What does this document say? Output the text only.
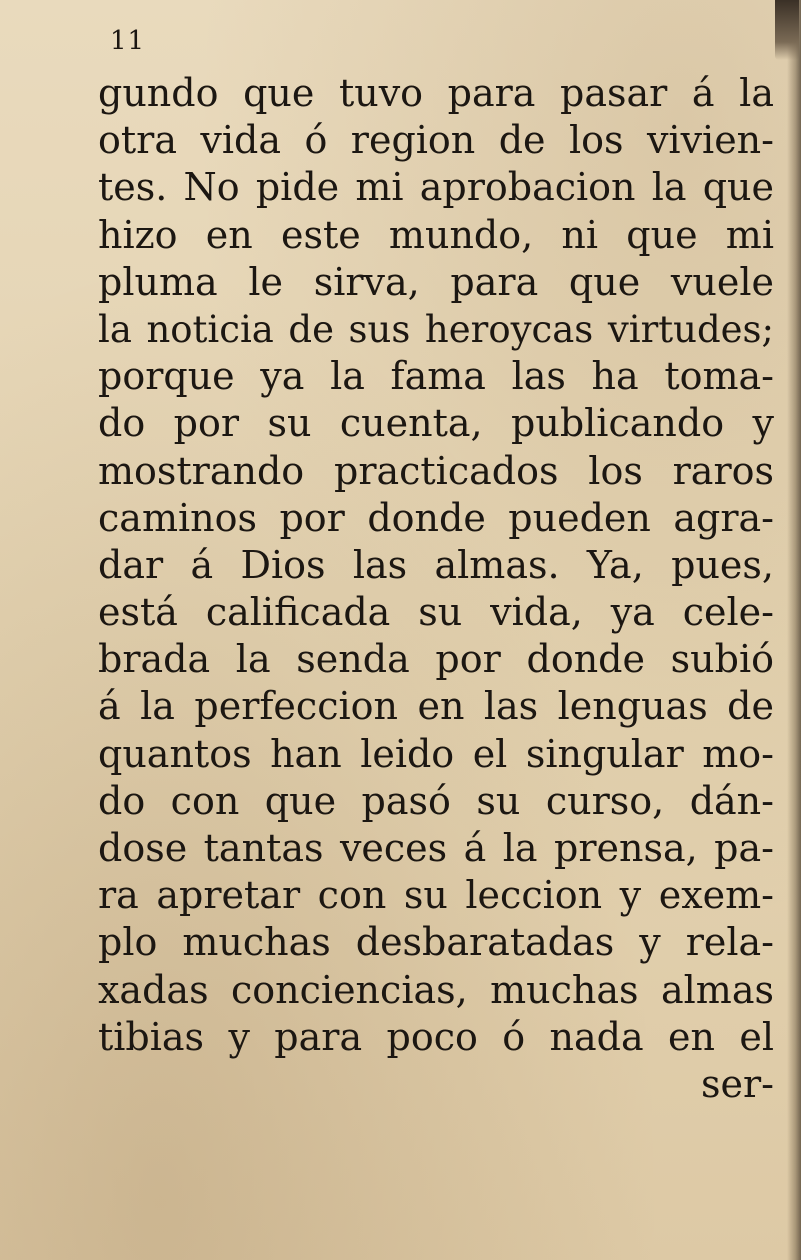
11
gundo que tuvo para pasar á la
otra vida ó region de los vivien-
tes. No pide mi aprobacion la que
hizo en este mundo, ni que mi
pluma le sirva, para que vuele
la noticia de sus heroycas virtudes;
porque ya la fama las ha toma-
do por su cuenta, publicando y
mostrando practicados los raros
caminos por donde pueden agra-
dar á Dios las almas. Ya, pues,
está calificada su vida, ya cele-
brada la senda por donde subió
á la perfeccion en las lenguas de
quantos han leido el singular mo-
do con que pasó su curso, dán-
dose tantas veces á la prensa, pa-
ra apretar con su leccion y exem-
plo muchas desbaratadas y rela-
xadas conciencias, muchas almas
tibias y para poco ó nada en el
ser-
